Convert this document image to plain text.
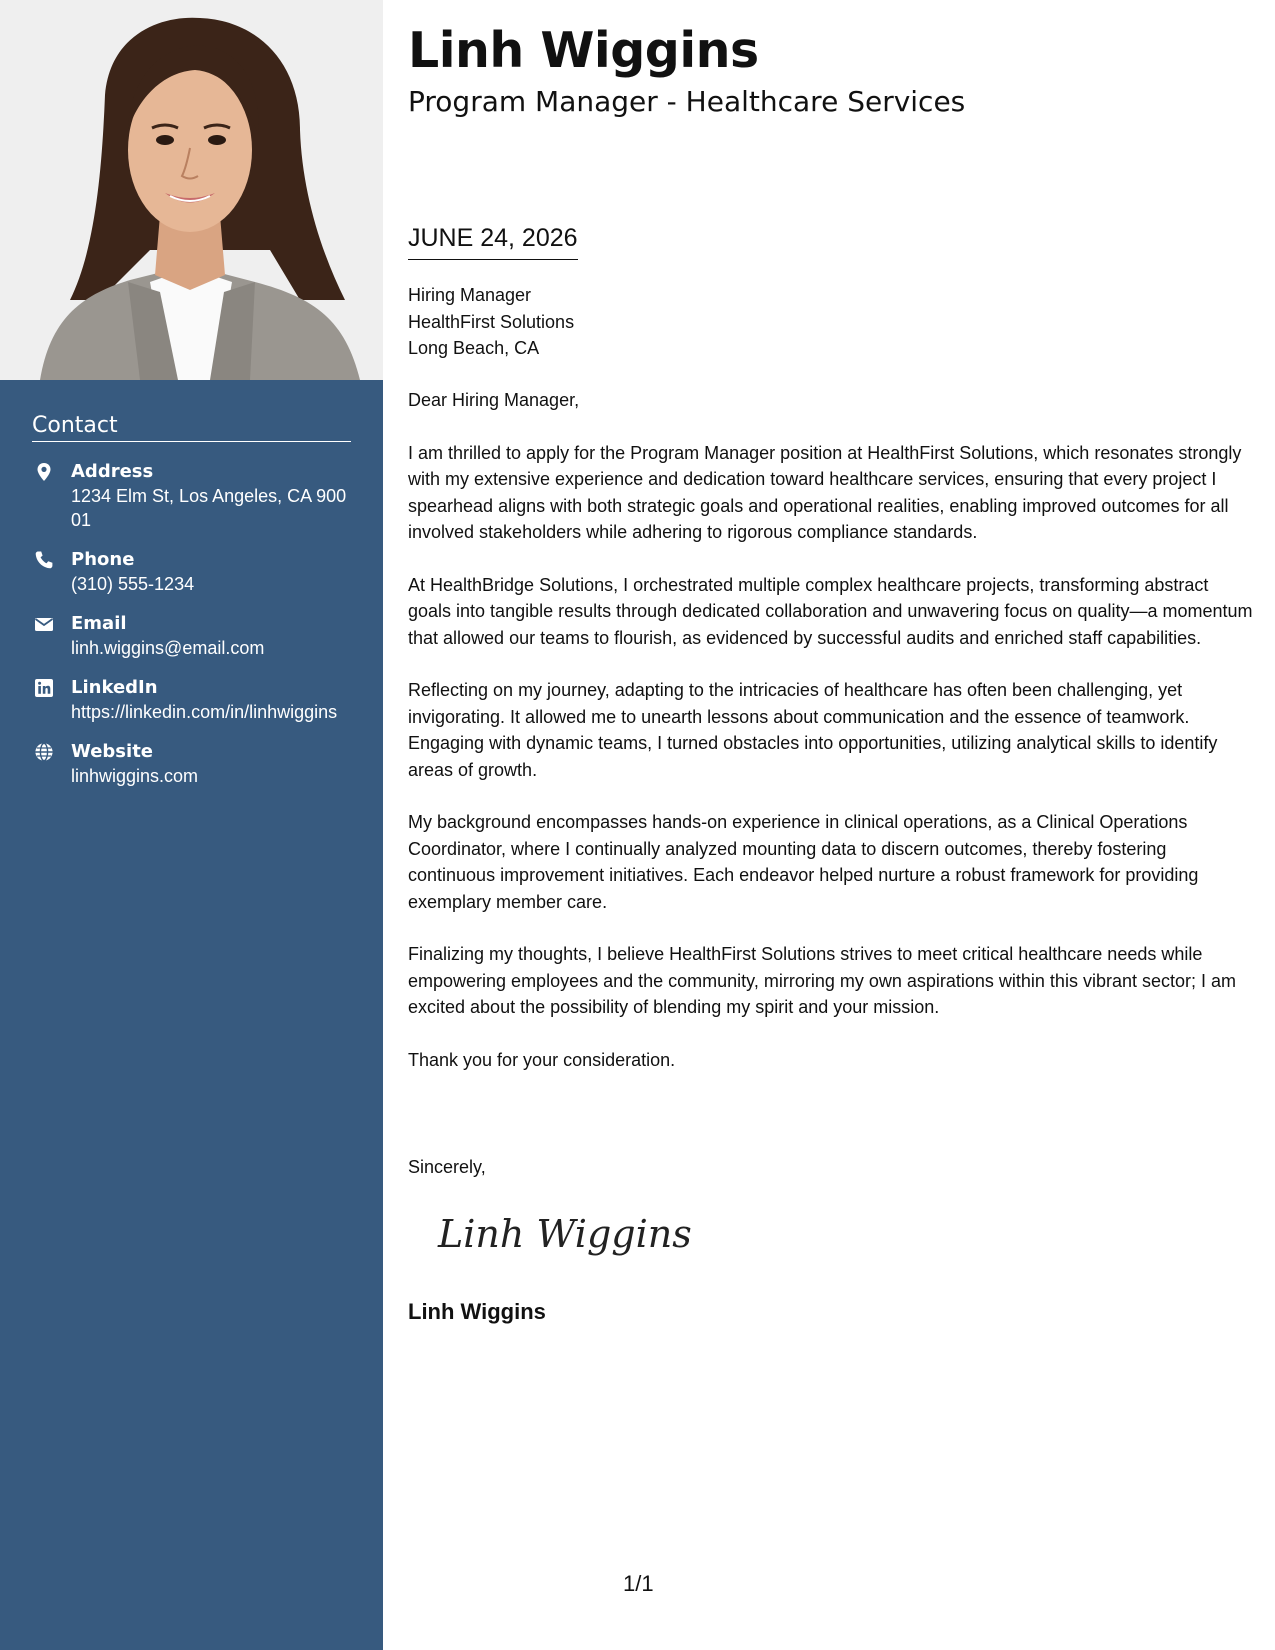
Contact
Address
1234 Elm St, Los Angeles, CA 90001
Phone
(310) 555-1234
Email
linh.wiggins@email.com
LinkedIn
https://linkedin.com/in/linhwiggins
Website
linhwiggins.com
Linh Wiggins
Program Manager - Healthcare Services
JUNE 24, 2026
Hiring Manager
HealthFirst Solutions
Long Beach, CA

Dear Hiring Manager,

I am thrilled to apply for the Program Manager position at HealthFirst Solutions, which resonates strongly with my extensive experience and dedication toward healthcare services, ensuring that every project I spearhead aligns with both strategic goals and operational realities, enabling improved outcomes for all involved stakeholders while adhering to rigorous compliance standards.

At HealthBridge Solutions, I orchestrated multiple complex healthcare projects, transforming abstract goals into tangible results through dedicated collaboration and unwavering focus on quality—a momentum that allowed our teams to flourish, as evidenced by successful audits and enriched staff capabilities.

Reflecting on my journey, adapting to the intricacies of healthcare has often been challenging, yet invigorating. It allowed me to unearth lessons about communication and the essence of teamwork. Engaging with dynamic teams, I turned obstacles into opportunities, utilizing analytical skills to identify areas of growth.

My background encompasses hands-on experience in clinical operations, as a Clinical Operations Coordinator, where I continually analyzed mounting data to discern outcomes, thereby fostering continuous improvement initiatives. Each endeavor helped nurture a robust framework for providing exemplary member care.

Finalizing my thoughts, I believe HealthFirst Solutions strives to meet critical healthcare needs while empowering employees and the community, mirroring my own aspirations within this vibrant sector; I am excited about the possibility of blending my spirit and your mission.

Thank you for your consideration.

Sincerely,

Linh Wiggins

Linh Wiggins

1/1
